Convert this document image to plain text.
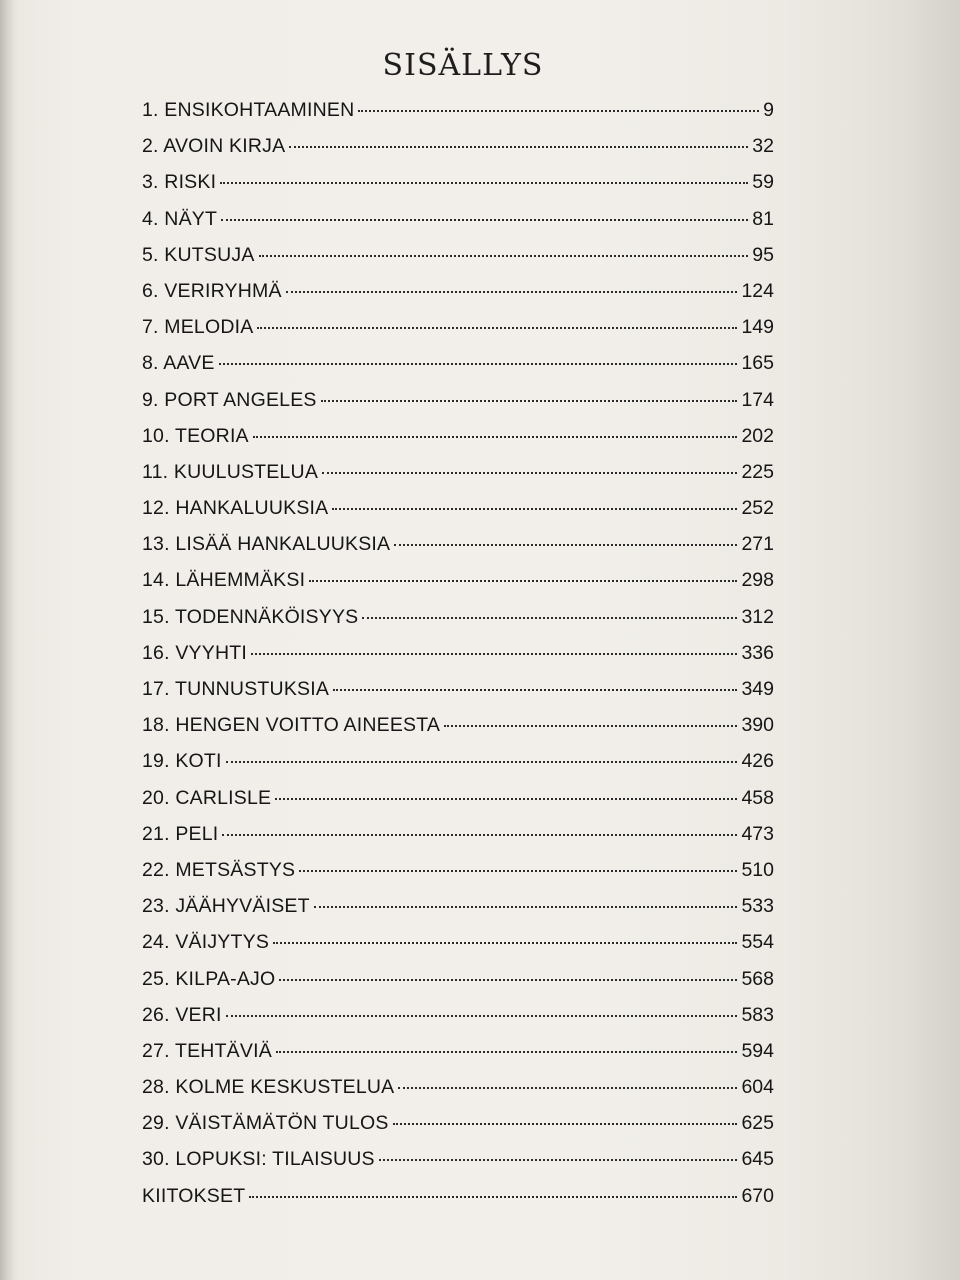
SISÄLLYS
1. ENSIKOHTAAMINEN	9
2. AVOIN KIRJA	32
3. RISKI	59
4. NÄYT	81
5. KUTSUJA	95
6. VERIRYHMÄ	124
7. MELODIA	149
8. AAVE	165
9. PORT ANGELES	174
10. TEORIA	202
11. KUULUSTELUA	225
12. HANKALUUKSIA	252
13. LISÄÄ HANKALUUKSIA	271
14. LÄHEMMÄKSI	298
15. TODENNÄKÖISYYS	312
16. VYYHTI	336
17. TUNNUSTUKSIA	349
18. HENGEN VOITTO AINEESTA	390
19. KOTI	426
20. CARLISLE	458
21. PELI	473
22. METSÄSTYS	510
23. JÄÄHYVÄISET	533
24. VÄIJYTYS	554
25. KILPA-AJO	568
26. VERI	583
27. TEHTÄVIÄ	594
28. KOLME KESKUSTELUA	604
29. VÄISTÄMÄTÖN TULOS	625
30. LOPUKSI: TILAISUUS	645
KIITOKSET	670
